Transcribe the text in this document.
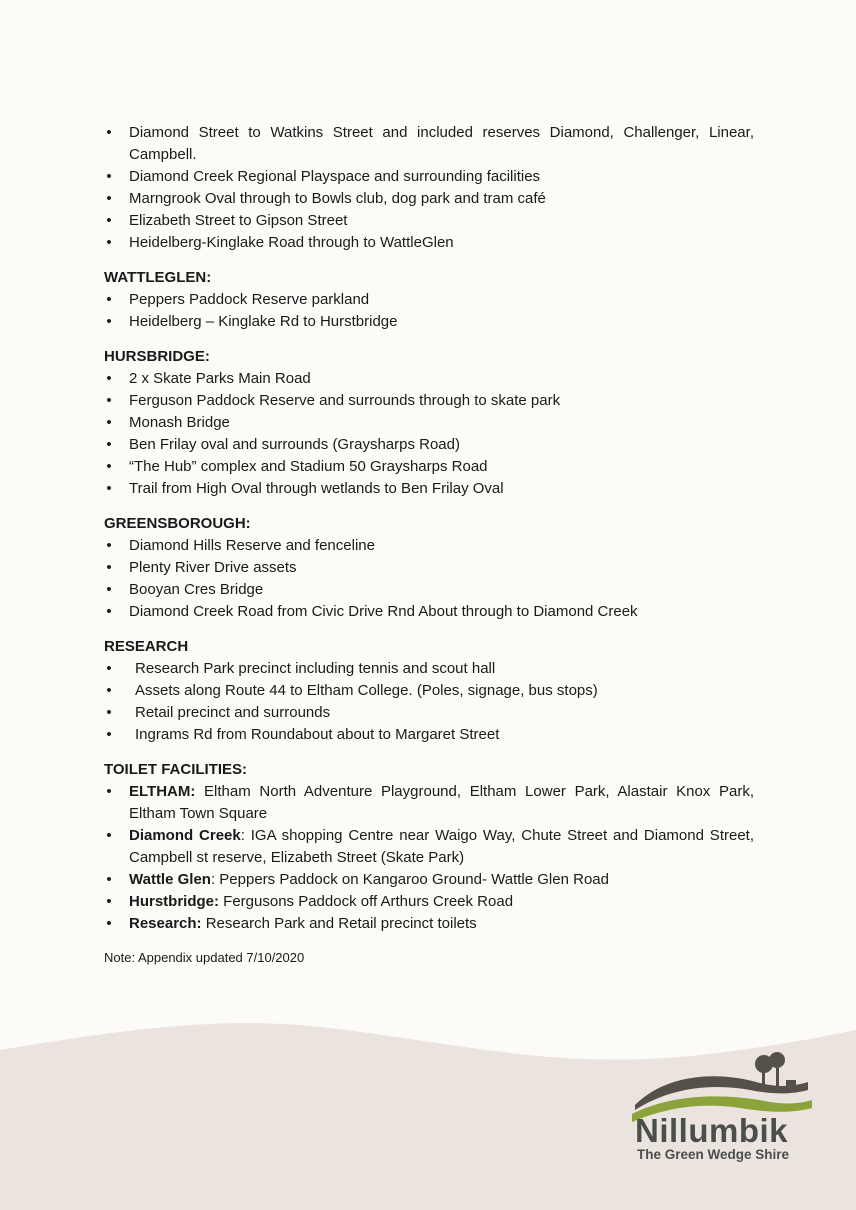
• Diamond Street to Watkins Street and included reserves Diamond, Challenger, Linear, Campbell.
• Diamond Creek Regional Playspace and surrounding facilities
• Marngrook Oval through to Bowls club, dog park and tram café
• Elizabeth Street to Gipson Street
• Heidelberg-Kinglake Road through to WattleGlen

WATTLEGLEN:

• Peppers Paddock Reserve parkland
• Heidelberg – Kinglake Rd to Hurstbridge

HURSBRIDGE:

• 2 x Skate Parks Main Road
• Ferguson Paddock Reserve and surrounds through to skate park
• Monash Bridge
• Ben Frilay oval and surrounds (Graysharps Road)
• “The Hub” complex and Stadium 50 Graysharps Road
• Trail from High Oval through wetlands to Ben Frilay Oval

GREENSBOROUGH:

• Diamond Hills Reserve and fenceline
• Plenty River Drive assets
• Booyan Cres Bridge
• Diamond Creek Road from Civic Drive Rnd About through to Diamond Creek

RESEARCH

• Research Park precinct including tennis and scout hall
• Assets along Route 44 to Eltham College. (Poles, signage, bus stops)
• Retail precinct and surrounds
• Ingrams Rd from Roundabout about to Margaret Street

TOILET FACILITIES:

• ELTHAM: Eltham North Adventure Playground, Eltham Lower Park, Alastair Knox Park, Eltham Town Square
• Diamond Creek: IGA shopping Centre near Waigo Way, Chute Street and Diamond Street, Campbell st reserve, Elizabeth Street (Skate Park)
• Wattle Glen: Peppers Paddock on Kangaroo Ground- Wattle Glen Road
• Hurstbridge: Fergusons Paddock off Arthurs Creek Road
• Research: Research Park and Retail precinct toilets

Note: Appendix updated 7/10/2020

Nillumbik
The Green Wedge Shire
